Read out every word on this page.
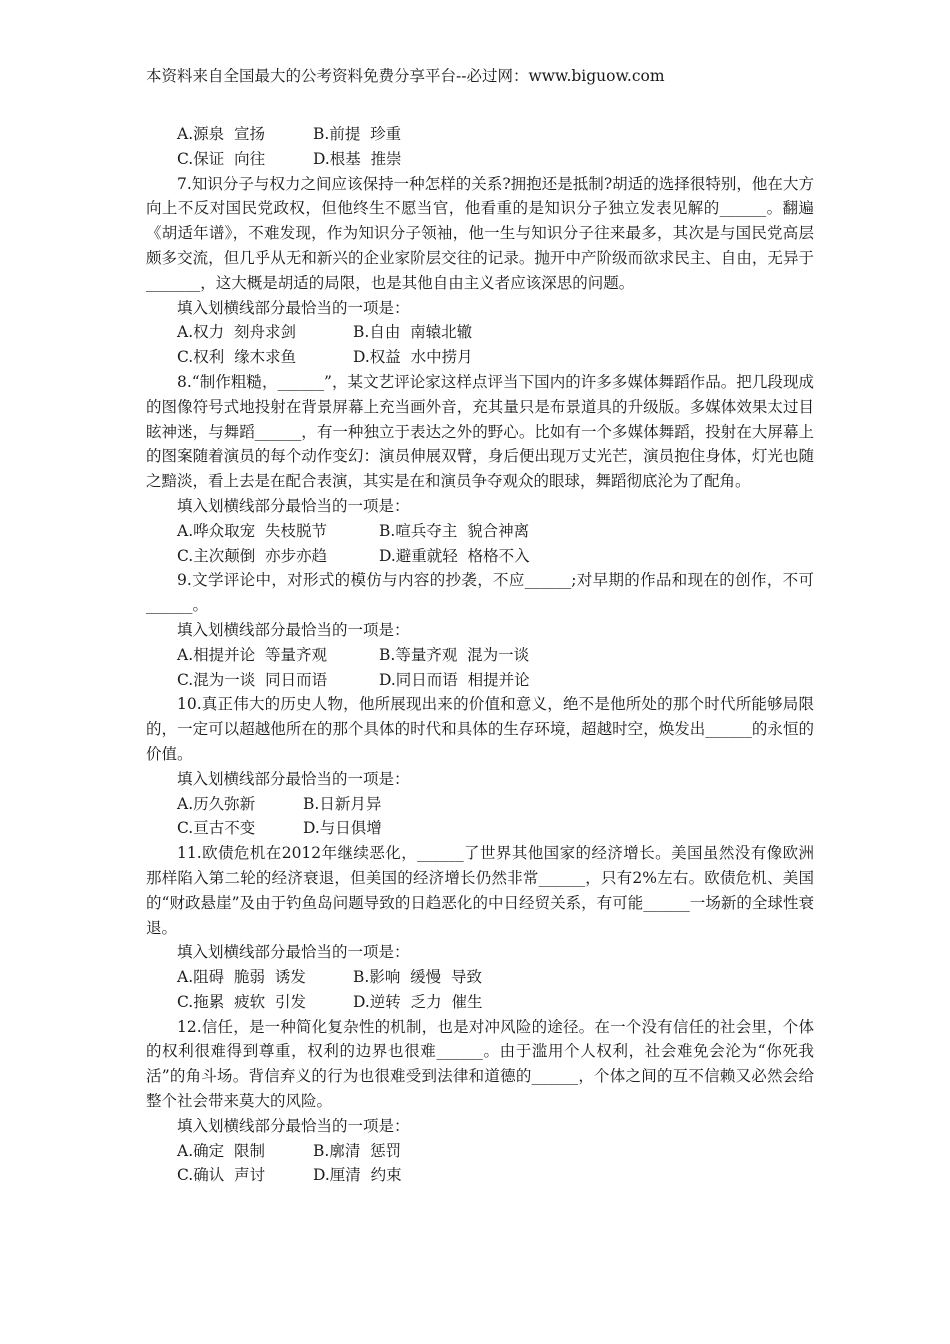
本资料来自全国最大的公考资料免费分享平台--必过网：www.biguow.com
A.源泉  宣扬	B.前提  珍重
C.保证  向往	D.根基  推崇

7.知识分子与权力之间应该保持一种怎样的关系?拥抱还是抵制?胡适的选择很特别，他在大方向上不反对国民党政权，但他终生不愿当官，他看重的是知识分子独立发表见解的______。翻遍《胡适年谱》，不难发现，作为知识分子领袖，他一生与知识分子往来最多，其次是与国民党高层颇多交流，但几乎从无和新兴的企业家阶层交往的记录。抛开中产阶级而欲求民主、自由，无异于_______，这大概是胡适的局限，也是其他自由主义者应该深思的问题。

填入划横线部分最恰当的一项是：

A.权力  刻舟求剑	B.自由  南辕北辙
C.权利  缘木求鱼	D.权益  水中捞月

8.“制作粗糙，______”，某文艺评论家这样点评当下国内的许多多媒体舞蹈作品。把几段现成的图像符号式地投射在背景屏幕上充当画外音，充其量只是布景道具的升级版。多媒体效果太过目眩神迷，与舞蹈______，有一种独立于表达之外的野心。比如有一个多媒体舞蹈，投射在大屏幕上的图案随着演员的每个动作变幻：演员伸展双臂，身后便出现万丈光芒，演员抱住身体，灯光也随之黯淡，看上去是在配合表演，其实是在和演员争夺观众的眼球，舞蹈彻底沦为了配角。

填入划横线部分最恰当的一项是：

A.哗众取宠  失枝脱节	B.喧兵夺主  貌合神离
C.主次颠倒  亦步亦趋	D.避重就轻  格格不入

9.文学评论中，对形式的模仿与内容的抄袭，不应______;对早期的作品和现在的创作，不可______。

填入划横线部分最恰当的一项是：

A.相提并论  等量齐观	B.等量齐观  混为一谈
C.混为一谈  同日而语	D.同日而语  相提并论

10.真正伟大的历史人物，他所展现出来的价值和意义，绝不是他所处的那个时代所能够局限的，一定可以超越他所在的那个具体的时代和具体的生存环境，超越时空，焕发出______的永恒的价值。

填入划横线部分最恰当的一项是：

A.历久弥新	B.日新月异
C.亘古不变	D.与日俱增

11.欧债危机在2012年继续恶化，______了世界其他国家的经济增长。美国虽然没有像欧洲那样陷入第二轮的经济衰退，但美国的经济增长仍然非常______，只有2%左右。欧债危机、美国的“财政悬崖”及由于钓鱼岛问题导致的日趋恶化的中日经贸关系，有可能______一场新的全球性衰退。

填入划横线部分最恰当的一项是：

A.阻碍  脆弱  诱发	B.影响  缓慢  导致
C.拖累  疲软  引发	D.逆转  乏力  催生

12.信任，是一种简化复杂性的机制，也是对冲风险的途径。在一个没有信任的社会里，个体的权利很难得到尊重，权利的边界也很难______。由于滥用个人权利，社会难免会沦为“你死我活”的角斗场。背信弃义的行为也很难受到法律和道德的______，个体之间的互不信赖又必然会给整个社会带来莫大的风险。

填入划横线部分最恰当的一项是：

A.确定  限制	B.廓清  惩罚
C.确认  声讨	D.厘清  约束
